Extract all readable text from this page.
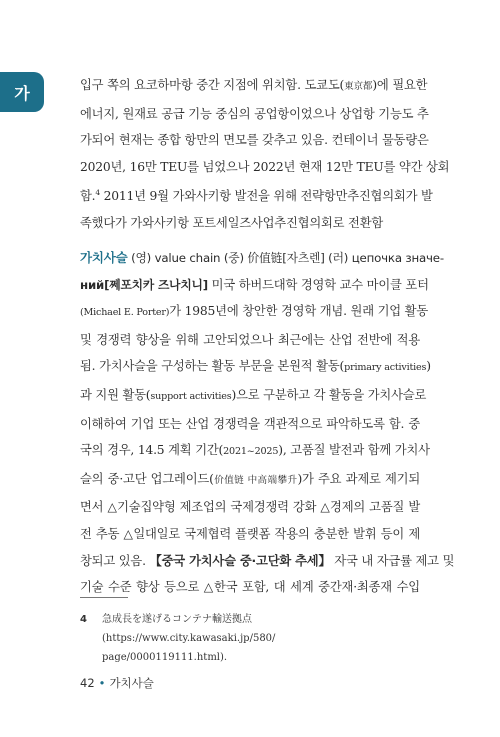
가	입구 쪽의 요코하마항 중간 지점에 위치함. 도쿄도(東京都)에 필요한
에너지, 원재료 공급 기능 중심의 공업항이었으나 상업항 기능도 추
가되어 현재는 종합 항만의 면모를 갖추고 있음. 컨테이너 물동량은
2020년, 16만 TEU를 넘었으나 2022년 현재 12만 TEU를 약간 상회
함.$^4$ 2011년 9월 가와사키항 발전을 위해 전략항만추진협의회가 발
족했다가 가와사키항 포트세일즈사업추진협의회로 전환함
가치사슬 (영) value chain (중) 价值链[자츠렌] (러) цепочка значе-
ний[쩨포치카 즈나치니] 미국 하버드대학 경영학 교수 마이클 포터
(Michael E. Porter)가 1985년에 창안한 경영학 개념. 원래 기업 활동
및 경쟁력 향상을 위해 고안되었으나 최근에는 산업 전반에 적용
됨. 가치사슬을 구성하는 활동 부문을 본원적 활동(primary activities)
과 지원 활동(support activities)으로 구분하고 각 활동을 가치사슬로
이해하여 기업 또는 산업 경쟁력을 객관적으로 파악하도록 함. 중
국의 경우, 14.5 계획 기간(2021~2025), 고품질 발전과 함께 가치사
슬의 중·고단 업그레이드(价值链 中高端攀升)가 주요 과제로 제기되
면서 △기술집약형 제조업의 국제경쟁력 강화 △경제의 고품질 발
전 추동 △일대일로 국제협력 플랫폼 작용의 충분한 발휘 등이 제
창되고 있음. 【중국 가치사슬 중·고단화 추세】 자국 내 자급률 제고 및
기술 수준 향상 등으로 △한국 포함, 대 세계 중간재·최종재 수입
4 急成長を遂げるコンテナ輸送拠点(https://www.city.kawasaki.jp/580/
page/0000119111.html).
42 • 가치사슬
